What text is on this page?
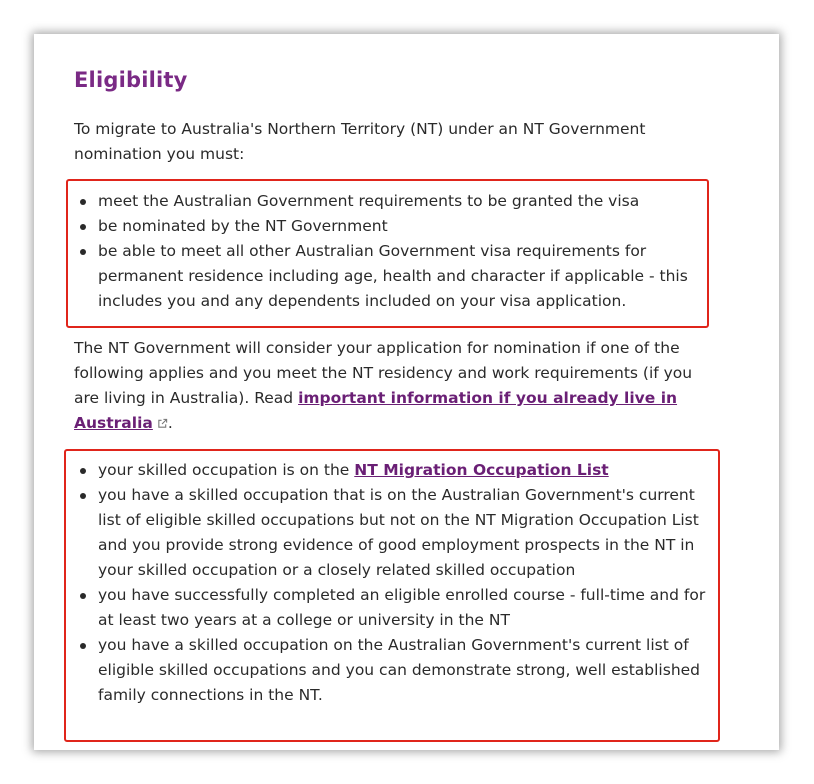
Eligibility

To migrate to Australia's Northern Territory (NT) under an NT Government nomination you must:

meet the Australian Government requirements to be granted the visa
be nominated by the NT Government
be able to meet all other Australian Government visa requirements for permanent residence including age, health and character if applicable - this includes you and any dependents included on your visa application.

The NT Government will consider your application for nomination if one of the following applies and you meet the NT residency and work requirements (if you are living in Australia). Read important information if you already live in Australia .

your skilled occupation is on the NT Migration Occupation List
you have a skilled occupation that is on the Australian Government's current list of eligible skilled occupations but not on the NT Migration Occupation List and you provide strong evidence of good employment prospects in the NT in your skilled occupation or a closely related skilled occupation
you have successfully completed an eligible enrolled course - full-time and for at least two years at a college or university in the NT
you have a skilled occupation on the Australian Government's current list of eligible skilled occupations and you can demonstrate strong, well established family connections in the NT.
